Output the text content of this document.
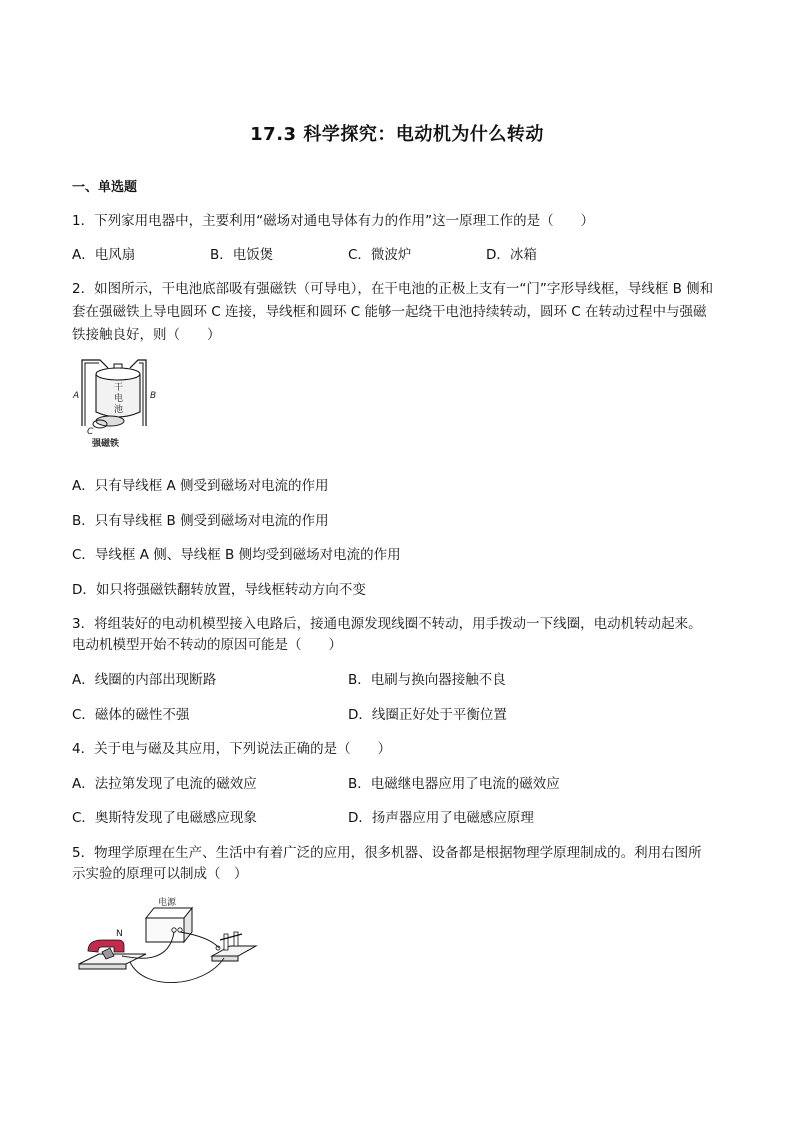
17.3 科学探究：电动机为什么转动
一、单选题
1．下列家用电器中，主要利用“磁场对通电导体有力的作用”这一原理工作的是（　　）
A．电风扇	B．电饭煲	C．微波炉	D．冰箱
2．如图所示，干电池底部吸有强磁铁（可导电），在干电池的正极上支有一“门”字形导线框，导线框 B 侧和
套在强磁铁上导电圆环 C 连接，导线框和圆环 C 能够一起绕干电池持续转动，圆环 C 在转动过程中与强磁
铁接触良好，则（　　）
干
电
池
A	B
C
强磁铁
A．只有导线框 A 侧受到磁场对电流的作用
B．只有导线框 B 侧受到磁场对电流的作用
C．导线框 A 侧、导线框 B 侧均受到磁场对电流的作用
D．如只将强磁铁翻转放置，导线框转动方向不变
3．将组装好的电动机模型接入电路后，接通电源发现线圈不转动，用手拨动一下线圈，电动机转动起来。
电动机模型开始不转动的原因可能是（　　）
A．线圈的内部出现断路	B．电刷与换向器接触不良
C．磁体的磁性不强	D．线圈正好处于平衡位置
4．关于电与磁及其应用，下列说法正确的是（　　）
A．法拉第发现了电流的磁效应	B．电磁继电器应用了电流的磁效应
C．奥斯特发现了电磁感应现象	D．扬声器应用了电磁感应原理
5．物理学原理在生产、生活中有着广泛的应用，很多机器、设备都是根据物理学原理制成的。利用右图所
示实验的原理可以制成（　）
电源
N
